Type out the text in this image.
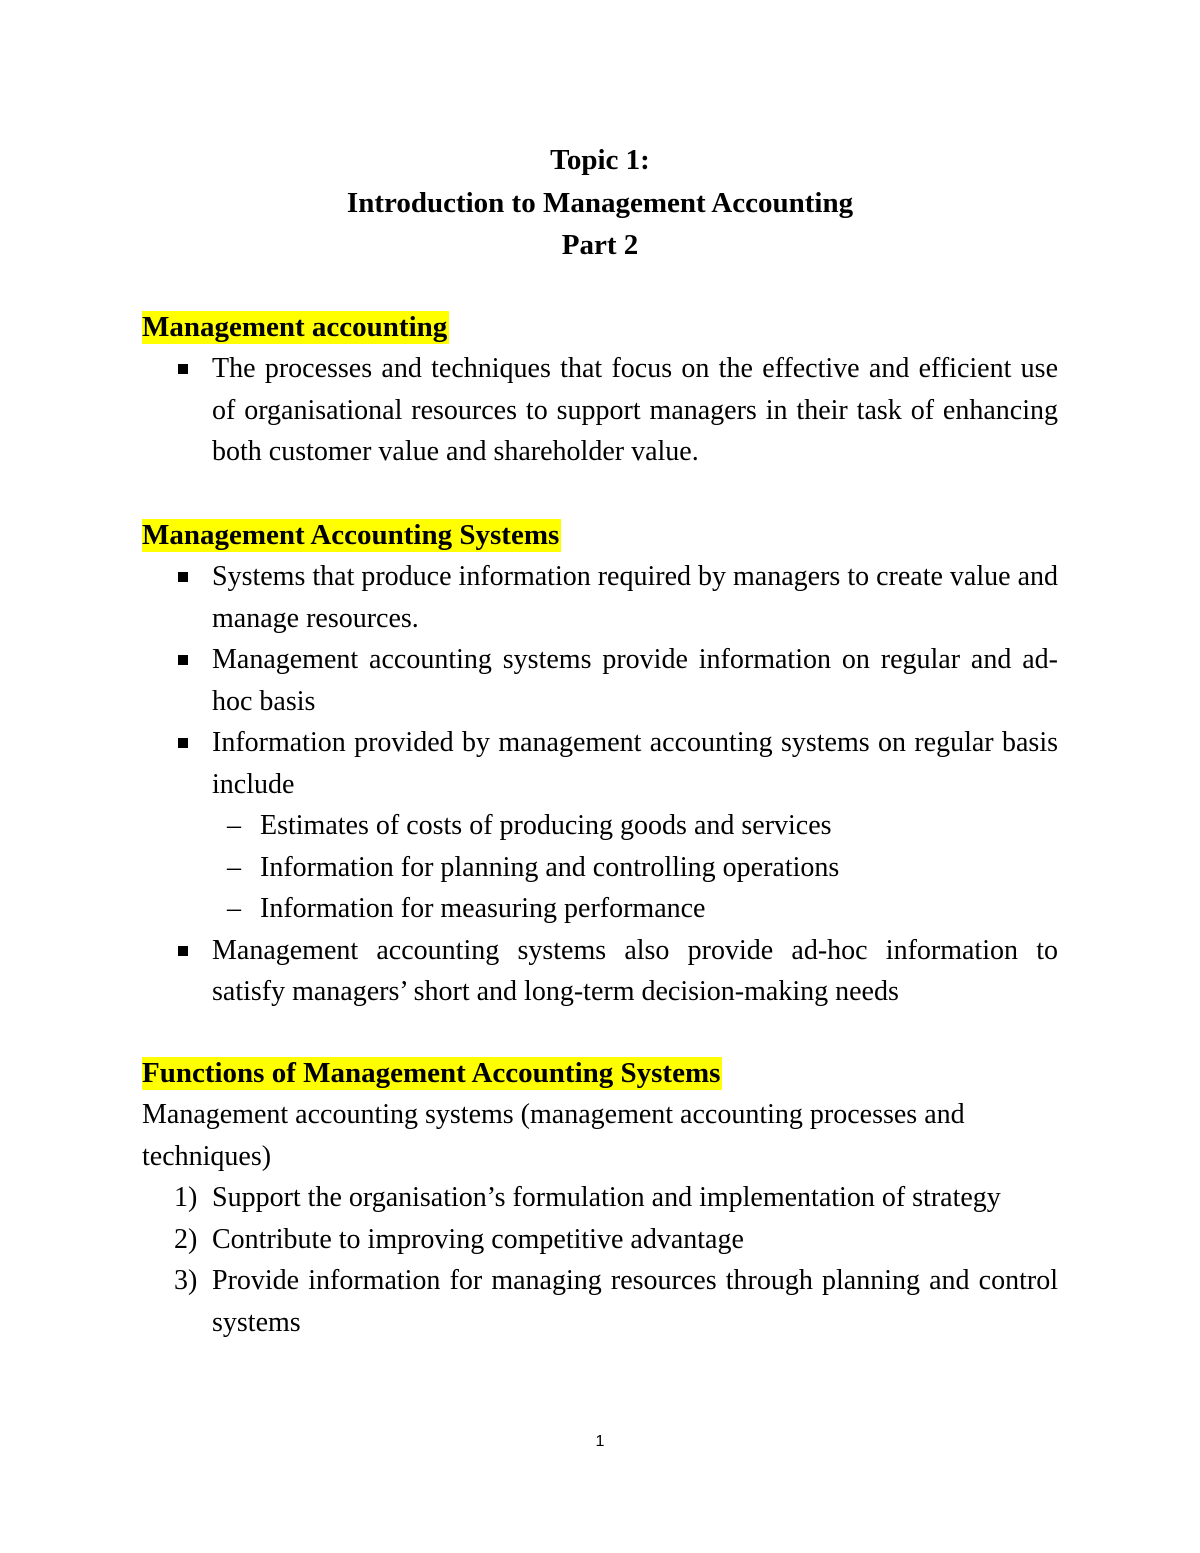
Topic 1:
Introduction to Management Accounting
Part 2
Management accounting
The processes and techniques that focus on the effective and efficient use of organisational resources to support managers in their task of enhancing both customer value and shareholder value.
Management Accounting Systems
Systems that produce information required by managers to create value and manage resources.
Management accounting systems provide information on regular and ad-hoc basis
Information provided by management accounting systems on regular basis include
– Estimates of costs of producing goods and services
– Information for planning and controlling operations
– Information for measuring performance
Management accounting systems also provide ad-hoc information to satisfy managers’ short and long-term decision-making needs
Functions of Management Accounting Systems
Management accounting systems (management accounting processes and techniques)
1) Support the organisation’s formulation and implementation of strategy
2) Contribute to improving competitive advantage
3) Provide information for managing resources through planning and control systems
1
